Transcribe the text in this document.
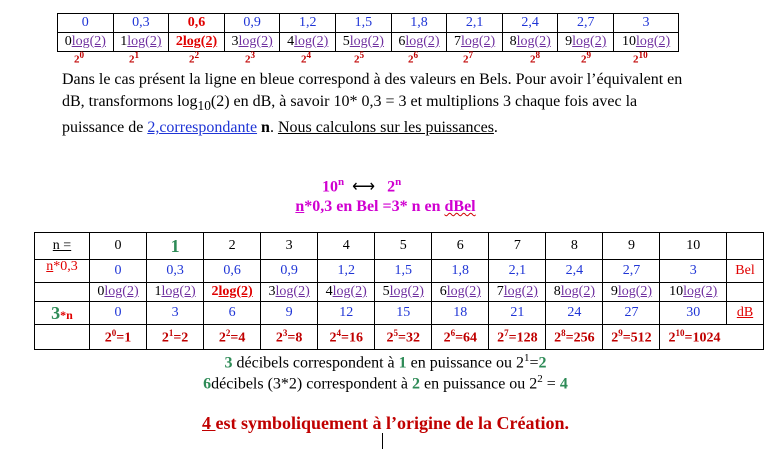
0	0,3	0,6	0,9	1,2	1,5	1,8	2,1	2,4	2,7	3
0log(2)	1log(2)	2log(2)	3log(2)	4log(2)	5log(2)	6log(2)	7log(2)	8log(2)	9log(2)	10log(2)
$2^0$	$2^1$	$2^2$	$2^3$	$2^4$	$2^5$	$2^6$	$2^7$	$2^8$	$2^9$	$2^{10}$
Dans le cas présent la ligne en bleue correspond à des valeurs en Bels. Pour avoir l’équivalent en dB, transformons $\log_{10}(2)$ en dB, à savoir 10* 0,3 = 3 et multiplions 3 chaque fois avec la puissance de 2,correspondante n. Nous calculons sur les puissances.
10$^n$ ⟷ 2$^n$
n*0,3 en Bel =3* n en dBel
n =	0	1	2	3	4	5	6	7	8	9	10	
n*0,3	0	0,3	0,6	0,9	1,2	1,5	1,8	2,1	2,4	2,7	3	Bel
	0log(2)	1log(2)	2log(2)	3log(2)	4log(2)	5log(2)	6log(2)	7log(2)	8log(2)	9log(2)	10log(2)	
3*n	0	3	6	9	12	15	18	21	24	27	30	dB
	$2^0=1$	$2^1=2$	$2^2=4$	$2^3=8$	$2^4=16$	$2^5=32$	$2^6=64$	$2^7=128$	$2^8=256$	$2^9=512$	$2^{10}=1024$	
3 décibels correspondent à 1 en puissance ou $2^1=2$
6décibels (3*2) correspondent à 2 en puissance ou $2^2 = 4$
4 est symboliquement à l’origine de la Création.
